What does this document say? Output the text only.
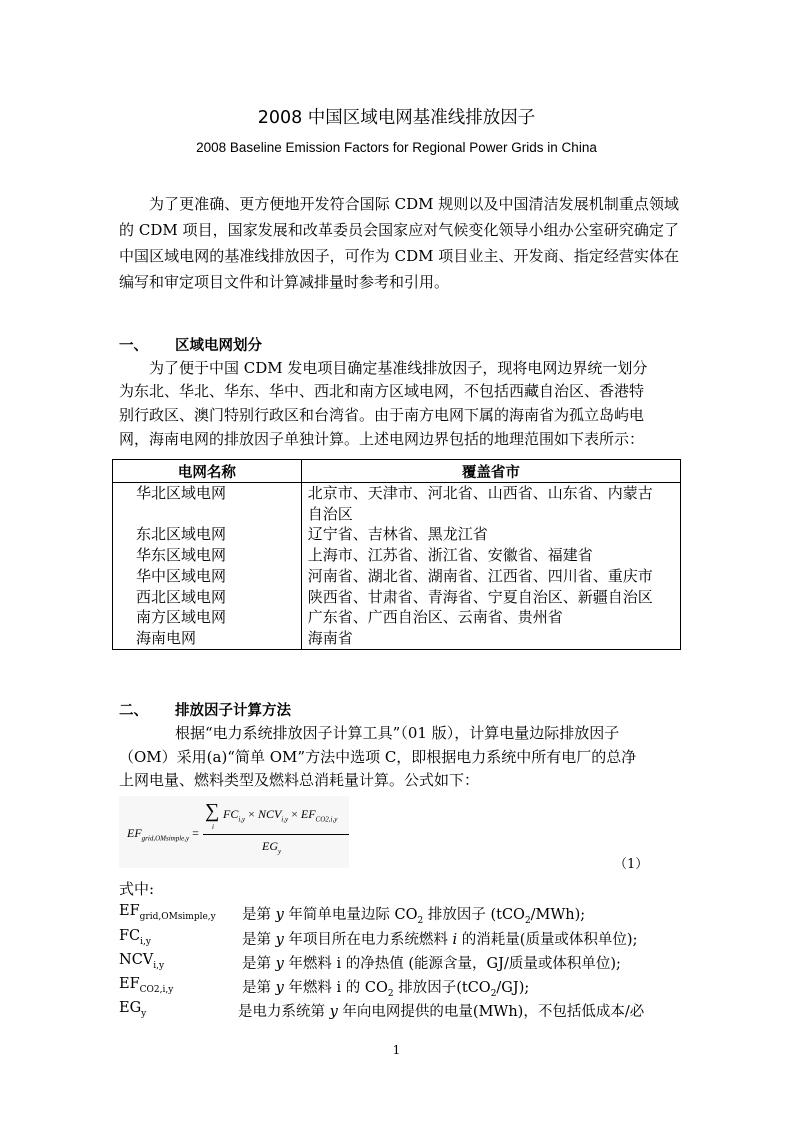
2008 中国区域电网基准线排放因子
2008 Baseline Emission Factors for Regional Power Grids in China

为了更准确、更方便地开发符合国际 CDM 规则以及中国清洁发展机制重点领域的 CDM 项目，国家发展和改革委员会国家应对气候变化领导小组办公室研究确定了中国区域电网的基准线排放因子，可作为 CDM 项目业主、开发商、指定经营实体在编写和审定项目文件和计算减排量时参考和引用。

一、 区域电网划分
为了便于中国 CDM 发电项目确定基准线排放因子，现将电网边界统一划分
为东北、华北、华东、华中、西北和南方区域电网，不包括西藏自治区、香港特
别行政区、澳门特别行政区和台湾省。由于南方电网下属的海南省为孤立岛屿电
网，海南电网的排放因子单独计算。上述电网边界包括的地理范围如下表所示：
电网名称	覆盖省市
华北区域电网	北京市、天津市、河北省、山西省、山东省、内蒙古
自治区
东北区域电网	辽宁省、吉林省、黑龙江省
华东区域电网	上海市、江苏省、浙江省、安徽省、福建省
华中区域电网	河南省、湖北省、湖南省、江西省、四川省、重庆市
西北区域电网	陕西省、甘肃省、青海省、宁夏自治区、新疆自治区
南方区域电网	广东省、广西自治区、云南省、贵州省
海南电网	海南省
二、 排放因子计算方法
根据“电力系统排放因子计算工具”（01 版），计算电量边际排放因子
（OM）采用(a)“简单 OM”方法中选项 C，即根据电力系统中所有电厂的总净
上网电量、燃料类型及燃料总消耗量计算。公式如下：
∑
i
$FC_{i,y} \times NCV_{i,y} \times EF_{CO2,i,y}$
$EF_{grid,OMsimple,y}$ =
$EG_y$
（1）
式中:
$EF_{grid,OMsimple,y}$ 是第 y 年简单电量边际 $CO_2$ 排放因子 (tCO$_2$/MWh);
$FC_{i,y}$	是第 y 年项目所在电力系统燃料 i 的消耗量(质量或体积单位);
$NCV_{i,y}$	是第 y 年燃料 i 的净热值 (能源含量，GJ/质量或体积单位);
$EF_{CO2,i,y}$	是第 y 年燃料 i 的 $CO_2$ 排放因子(tCO$_2$/GJ);
$EG_y$	是电力系统第 y 年向电网提供的电量(MWh)，不包括低成本/必
1
